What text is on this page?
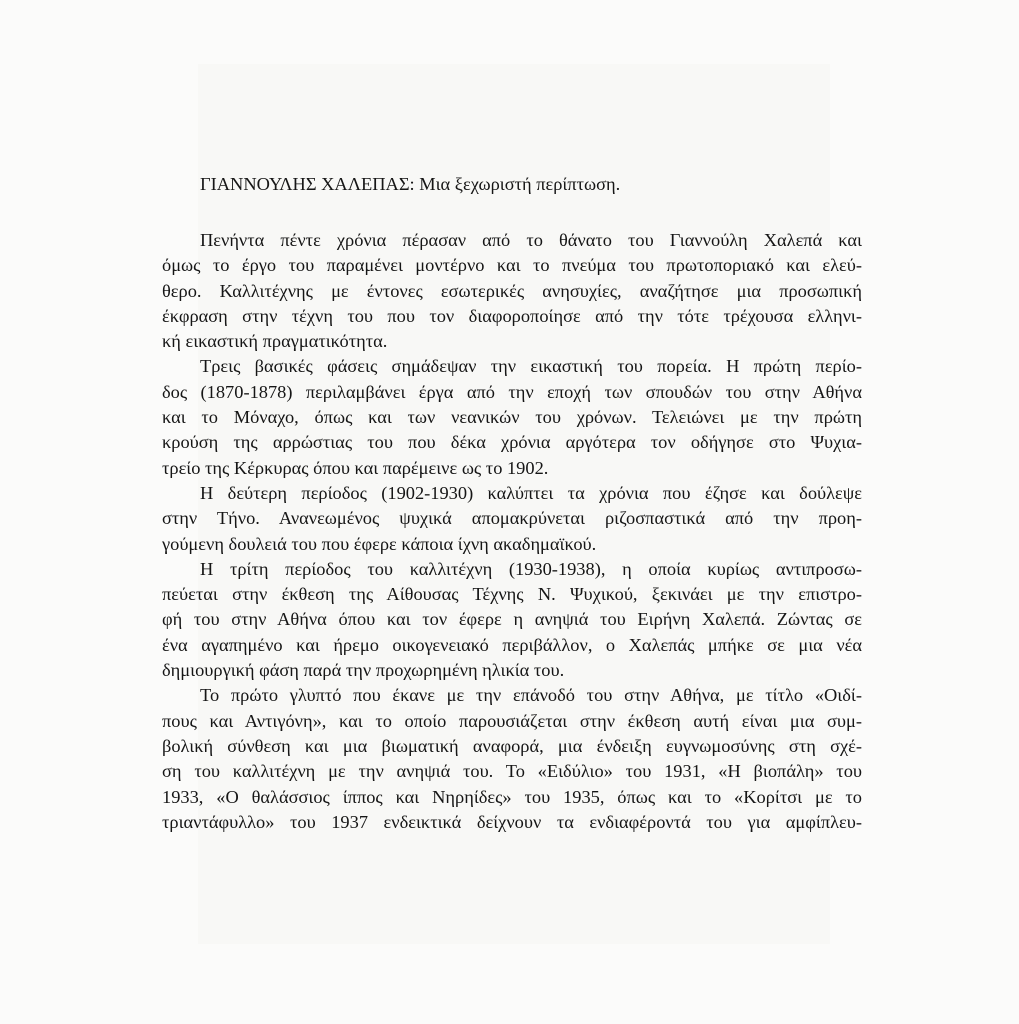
ΓΙΑΝΝΟΥΛΗΣ ΧΑΛΕΠΑΣ: Μια ξεχωριστή περίπτωση.
Πενήντα πέντε χρόνια πέρασαν από το θάνατο του Γιαννούλη Χαλεπά και
όμως το έργο του παραμένει μοντέρνο και το πνεύμα του πρωτοποριακό και ελεύ-
θερο. Καλλιτέχνης με έντονες εσωτερικές ανησυχίες, αναζήτησε μια προσωπική
έκφραση στην τέχνη του που τον διαφοροποίησε από την τότε τρέχουσα ελληνι-
κή εικαστική πραγματικότητα.
Τρεις βασικές φάσεις σημάδεψαν την εικαστική του πορεία. Η πρώτη περίο-
δος (1870-1878) περιλαμβάνει έργα από την εποχή των σπουδών του στην Αθήνα
και το Μόναχο, όπως και των νεανικών του χρόνων. Τελειώνει με την πρώτη
κρούση της αρρώστιας του που δέκα χρόνια αργότερα τον οδήγησε στο Ψυχια-
τρείο της Κέρκυρας όπου και παρέμεινε ως το 1902.
Η δεύτερη περίοδος (1902-1930) καλύπτει τα χρόνια που έζησε και δούλεψε
στην Τήνο. Ανανεωμένος ψυχικά απομακρύνεται ριζοσπαστικά από την προη-
γούμενη δουλειά του που έφερε κάποια ίχνη ακαδημαϊκού.
Η τρίτη περίοδος του καλλιτέχνη (1930-1938), η οποία κυρίως αντιπροσω-
πεύεται στην έκθεση της Αίθουσας Τέχνης Ν. Ψυχικού, ξεκινάει με την επιστρο-
φή του στην Αθήνα όπου και τον έφερε η ανηψιά του Ειρήνη Χαλεπά. Ζώντας σε
ένα αγαπημένο και ήρεμο οικογενειακό περιβάλλον, ο Χαλεπάς μπήκε σε μια νέα
δημιουργική φάση παρά την προχωρημένη ηλικία του.
Το πρώτο γλυπτό που έκανε με την επάνοδό του στην Αθήνα, με τίτλο «Οιδί-
πους και Αντιγόνη», και το οποίο παρουσιάζεται στην έκθεση αυτή είναι μια συμ-
βολική σύνθεση και μια βιωματική αναφορά, μια ένδειξη ευγνωμοσύνης στη σχέ-
ση του καλλιτέχνη με την ανηψιά του. Το «Ειδύλιο» του 1931, «Η βιοπάλη» του
1933, «Ο θαλάσσιος ίππος και Νηρηίδες» του 1935, όπως και το «Κορίτσι με το
τριαντάφυλλο» του 1937 ενδεικτικά δείχνουν τα ενδιαφέροντά του για αμφίπλευ-
